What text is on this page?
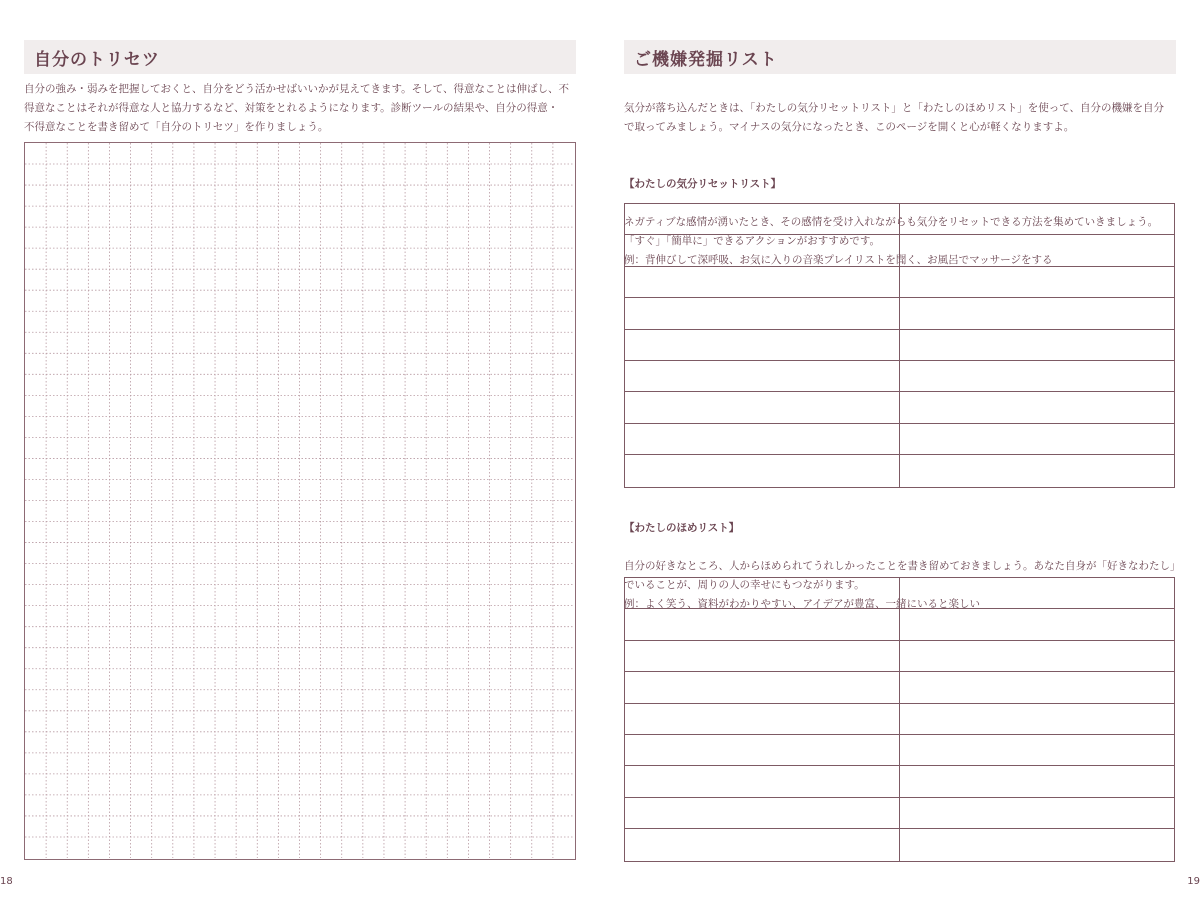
自分のトリセツ
自分の強み・弱みを把握しておくと、自分をどう活かせばいいかが見えてきます。そして、得意なことは伸ばし、不
得意なことはそれが得意な人と協力するなど、対策をとれるようになります。診断ツールの結果や、自分の得意・
不得意なことを書き留めて「自分のトリセツ」を作りましょう。
18
ご機嫌発掘リスト

気分が落ち込んだときは、「わたしの気分リセットリスト」と「わたしのほめリスト」を使って、自分の機嫌を自分
で取ってみましょう。マイナスの気分になったとき、このページを開くと心が軽くなりますよ。

【わたしの気分リセットリスト】

ネガティブな感情が湧いたとき、その感情を受け入れながらも気分をリセットできる方法を集めていきましょう。
「すぐ」「簡単に」できるアクションがおすすめです。
例：背伸びして深呼吸、お気に入りの音楽プレイリストを聞く、お風呂でマッサージをする

【わたしのほめリスト】

自分の好きなところ、人からほめられてうれしかったことを書き留めておきましょう。あなた自身が「好きなわたし」
でいることが、周りの人の幸せにもつながります。
例：よく笑う、資料がわかりやすい、アイデアが豊富、一緒にいると楽しい

19
